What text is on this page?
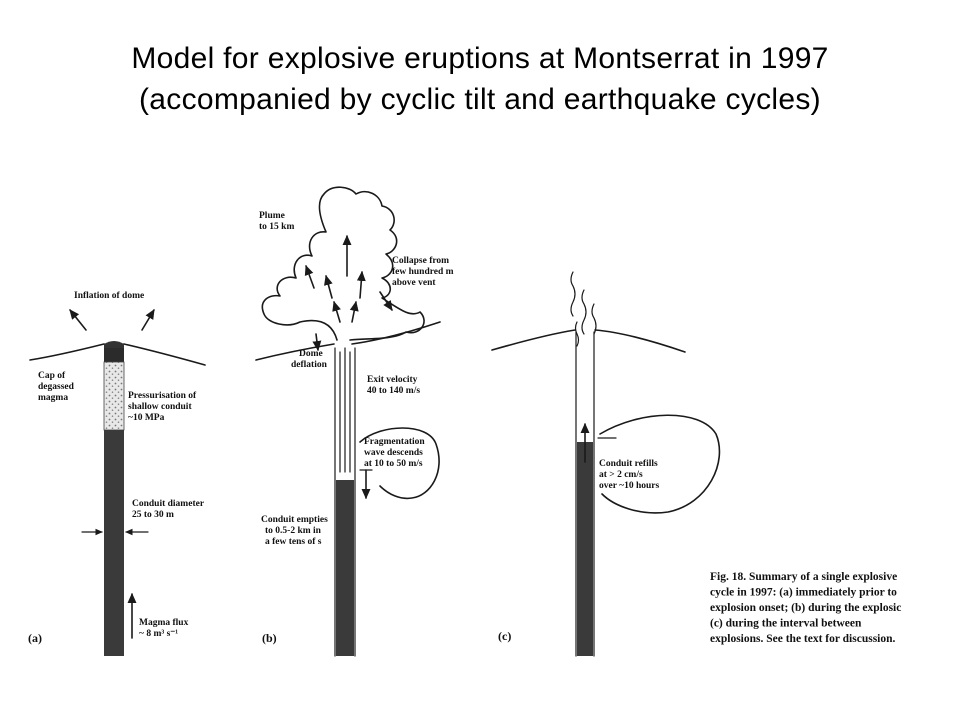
Model for explosive eruptions at Montserrat in 1997
(accompanied by cyclic tilt and earthquake cycles)
Inflation of dome
Cap of degassed magma	Pressurisation of shallow conduit ~10 MPa
Conduit diameter 25 to 30 m
Magma flux ~ 8 m³ s⁻¹
(a)
Plume to 15 km
Collapse from few hundred m above vent
Dome deflation
Exit velocity 40 to 140 m/s
Fragmentation wave descends at 10 to 50 m/s
Conduit empties to 0.5-2 km in a few tens of s
(b)
Conduit refills at > 2 cm/s over ~10 hours
(c)
Fig. 18. Summary of a single explosive cycle in 1997: (a) immediately prior to explosion onset; (b) during the explosic (c) during the interval between explosions. See the text for discussion.
